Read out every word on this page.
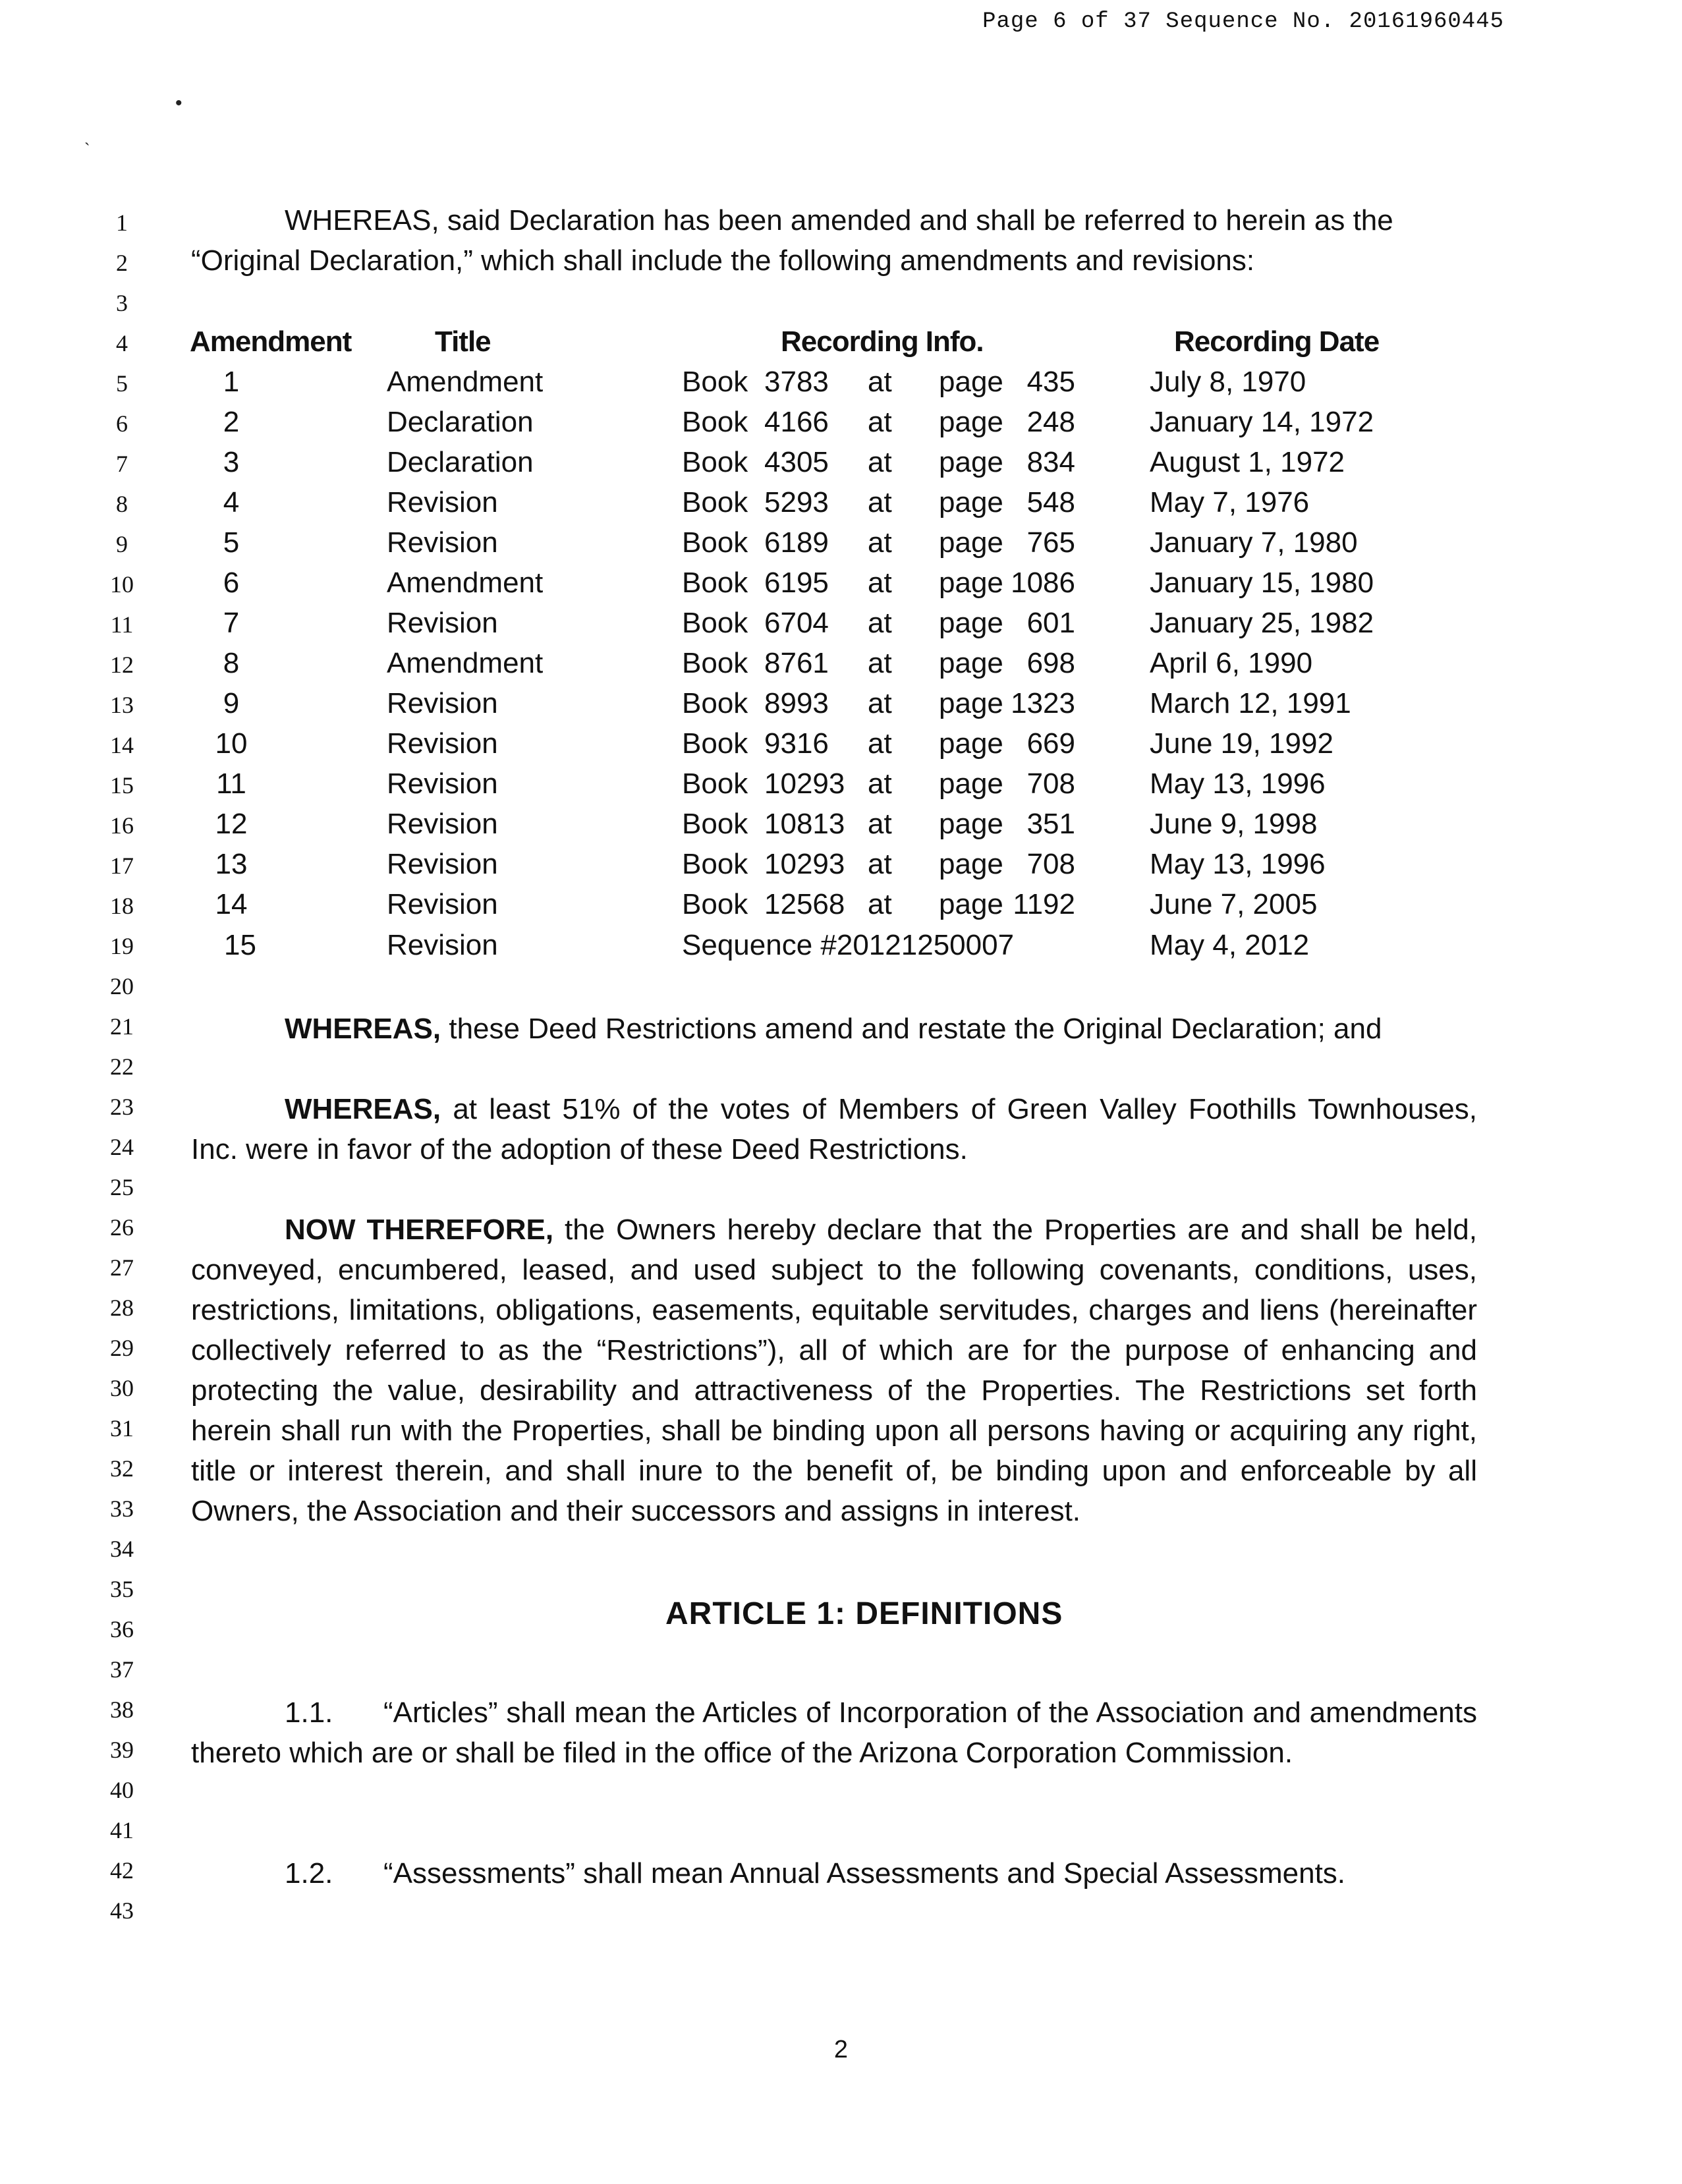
Page 6 of 37 Sequence No. 20161960445
•
`
1
2
3
4
5
6
7
8
9
10
11
12
13
14
15
16
17
18
19
20
21
22
23
24
25
26
27
28
29
30
31
32
33
34
35
36
37
38
39
40
41
42
43
WHEREAS, said Declaration has been amended and shall be referred to herein as the
“Original Declaration,” which shall include the following amendments and revisions:
Amendment	Title	Recording Info.	Recording Date
1	Amendment	Book 3783 at page 435	July 8, 1970
2	Declaration	Book 4166 at page 248	January 14, 1972
3	Declaration	Book 4305 at page 834	August 1, 1972
4	Revision	Book 5293 at page 548	May 7, 1976
5	Revision	Book 6189 at page 765	January 7, 1980
6	Amendment	Book 6195 at page 1086	January 15, 1980
7	Revision	Book 6704 at page 601	January 25, 1982
8	Amendment	Book 8761 at page 698	April 6, 1990
9	Revision	Book 8993 at page 1323	March 12, 1991
10	Revision	Book 9316 at page 669	June 19, 1992
11	Revision	Book 10293 at page 708	May 13, 1996
12	Revision	Book 10813 at page 351	June 9, 1998
13	Revision	Book 10293 at page 708	May 13, 1996
14	Revision	Book 12568 at page 1192	June 7, 2005
15	Revision	Sequence #20121250007	May 4, 2012
WHEREAS, these Deed Restrictions amend and restate the Original Declaration; and
WHEREAS, at least 51% of the votes of Members of Green Valley Foothills Townhouses, Inc. were in favor of the adoption of these Deed Restrictions.
NOW THEREFORE, the Owners hereby declare that the Properties are and shall be held, conveyed, encumbered, leased, and used subject to the following covenants, conditions, uses, restrictions, limitations, obligations, easements, equitable servitudes, charges and liens (hereinafter collectively referred to as the “Restrictions”), all of which are for the purpose of enhancing and protecting the value, desirability and attractiveness of the Properties. The Restrictions set forth herein shall run with the Properties, shall be binding upon all persons having or acquiring any right, title or interest therein, and shall inure to the benefit of, be binding upon and enforceable by all Owners, the Association and their successors and assigns in interest.
ARTICLE 1: DEFINITIONS
1.1. “Articles” shall mean the Articles of Incorporation of the Association and amendments thereto which are or shall be filed in the office of the Arizona Corporation Commission.
1.2. “Assessments” shall mean Annual Assessments and Special Assessments.
2
